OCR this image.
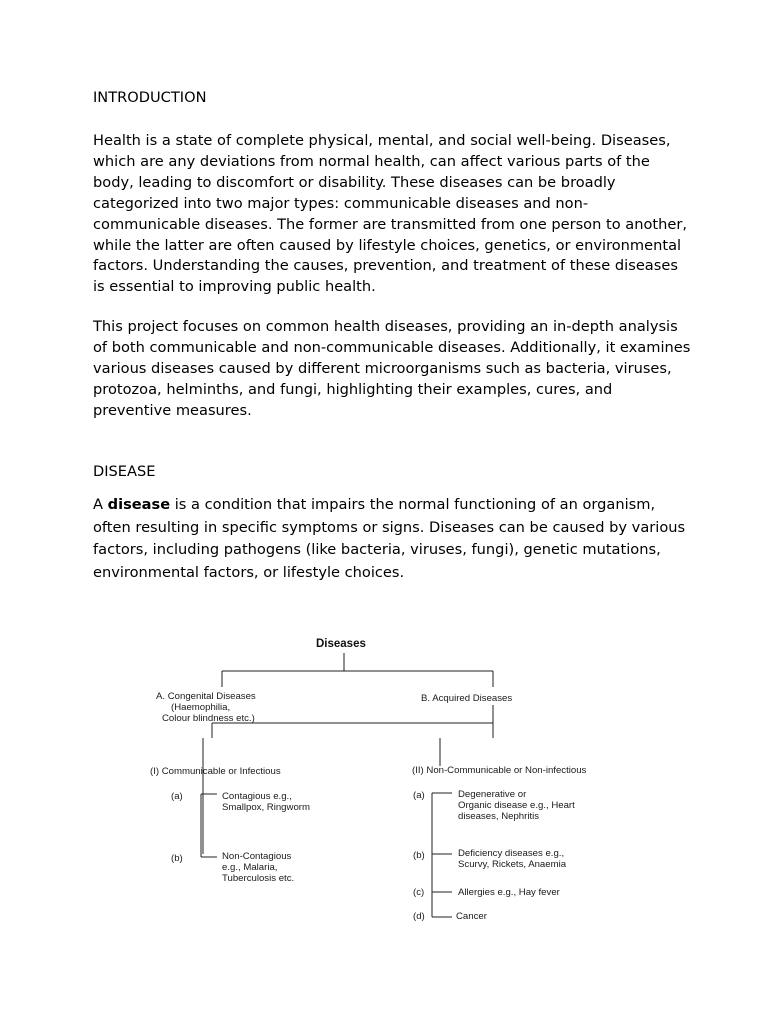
INTRODUCTION

Health is a state of complete physical, mental, and social well-being. Diseases, which are any deviations from normal health, can affect various parts of the body, leading to discomfort or disability. These diseases can be broadly categorized into two major types: communicable diseases and non-communicable diseases. The former are transmitted from one person to another, while the latter are often caused by lifestyle choices, genetics, or environmental factors. Understanding the causes, prevention, and treatment of these diseases is essential to improving public health.

This project focuses on common health diseases, providing an in-depth analysis of both communicable and non-communicable diseases. Additionally, it examines various diseases caused by different microorganisms such as bacteria, viruses, protozoa, helminths, and fungi, highlighting their examples, cures, and preventive measures.

DISEASE

A disease is a condition that impairs the normal functioning of an organism, often resulting in specific symptoms or signs. Diseases can be caused by various factors, including pathogens (like bacteria, viruses, fungi), genetic mutations, environmental factors, or lifestyle choices.

Diseases
A. Congenital Diseases
(Haemophilia,
Colour blindness etc.)
B. Acquired Diseases
(I) Communicable or Infectious	(II) Non-Communicable or Non-infectious
(a)	Contagious e.g.,
Smallpox, Ringworm
(b)	Non-Contagious
e.g., Malaria,
Tuberculosis etc.
(a)	Degenerative or
Organic disease e.g., Heart
diseases, Nephritis
(b)	Deficiency diseases e.g.,
Scurvy, Rickets, Anaemia
(c)	Allergies e.g., Hay fever
(d)	Cancer
